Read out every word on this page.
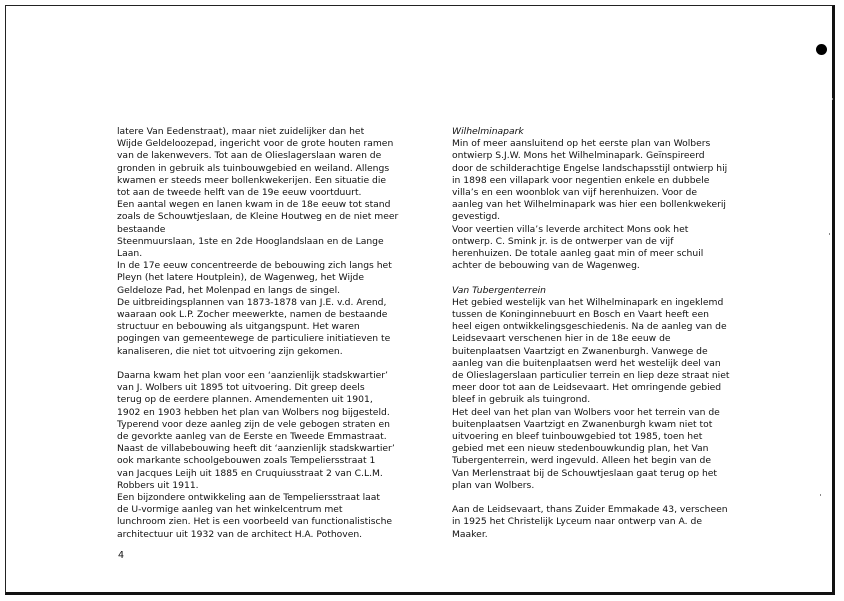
latere Van Eedenstraat), maar niet zuidelijker dan het
Wijde Geldeloozepad, ingericht voor de grote houten ramen
van de lakenwevers. Tot aan de Olieslagerslaan waren de
gronden in gebruik als tuinbouwgebied en weiland. Allengs
kwamen er steeds meer bollenkwekerijen. Een situatie die
tot aan de tweede helft van de 19e eeuw voortduurt.
Een aantal wegen en lanen kwam in de 18e eeuw tot stand
zoals de Schouwtjeslaan, de Kleine Houtweg en de niet meer bestaande
Steenmuurslaan, 1ste en 2de Hooglandslaan en de Lange
Laan.
In de 17e eeuw concentreerde de bebouwing zich langs het
Pleyn (het latere Houtplein), de Wagenweg, het Wijde
Geldeloze Pad, het Molenpad en langs de singel.
De uitbreidingsplannen van 1873-1878 van J.E. v.d. Arend,
waaraan ook L.P. Zocher meewerkte, namen de bestaande
structuur en bebouwing als uitgangspunt. Het waren
pogingen van gemeentewege de particuliere initiatieven te
kanaliseren, die niet tot uitvoering zijn gekomen.

Daarna kwam het plan voor een ‘aanzienlijk stadskwartier’
van J. Wolbers uit 1895 tot uitvoering. Dit greep deels
terug op de eerdere plannen. Amendementen uit 1901,
1902 en 1903 hebben het plan van Wolbers nog bijgesteld.
Typerend voor deze aanleg zijn de vele gebogen straten en
de gevorkte aanleg van de Eerste en Tweede Emmastraat.
Naast de villabebouwing heeft dit ‘aanzienlijk stadskwartier’
ook markante schoolgebouwen zoals Tempeliersstraat 1
van Jacques Leijh uit 1885 en Cruquiusstraat 2 van C.L.M.
Robbers uit 1911.
Een bijzondere ontwikkeling aan de Tempeliersstraat laat
de U-vormige aanleg van het winkelcentrum met
lunchroom zien. Het is een voorbeeld van functionalistische
architectuur uit 1932 van de architect H.A. Pothoven.

Wilhelminapark

Min of meer aansluitend op het eerste plan van Wolbers
ontwierp S.J.W. Mons het Wilhelminapark. Geïnspireerd
door de schilderachtige Engelse landschapsstijl ontwierp hij
in 1898 een villapark voor negentien enkele en dubbele
villa’s en een woonblok van vijf herenhuizen. Voor de
aanleg van het Wilhelminapark was hier een bollenkwekerij
gevestigd.
Voor veertien villa’s leverde architect Mons ook het
ontwerp. C. Smink jr. is de ontwerper van de vijf
herenhuizen. De totale aanleg gaat min of meer schuil
achter de bebouwing van de Wagenweg.

Van Tubergenterrein

Het gebied westelijk van het Wilhelminapark en ingeklemd
tussen de Koninginnebuurt en Bosch en Vaart heeft een
heel eigen ontwikkelingsgeschiedenis. Na de aanleg van de
Leidsevaart verschenen hier in de 18e eeuw de
buitenplaatsen Vaartzigt en Zwanenburgh. Vanwege de
aanleg van die buitenplaatsen werd het westelijk deel van
de Olieslagerslaan particulier terrein en liep deze straat niet
meer door tot aan de Leidsevaart. Het omringende gebied
bleef in gebruik als tuingrond.
Het deel van het plan van Wolbers voor het terrein van de
buitenplaatsen Vaartzigt en Zwanenburgh kwam niet tot
uitvoering en bleef tuinbouwgebied tot 1985, toen het
gebied met een nieuw stedenbouwkundig plan, het Van
Tubergenterrein, werd ingevuld. Alleen het begin van de
Van Merlenstraat bij de Schouwtjeslaan gaat terug op het
plan van Wolbers.

Aan de Leidsevaart, thans Zuider Emmakade 43, verscheen
in 1925 het Christelijk Lyceum naar ontwerp van A. de
Maaker.

4
